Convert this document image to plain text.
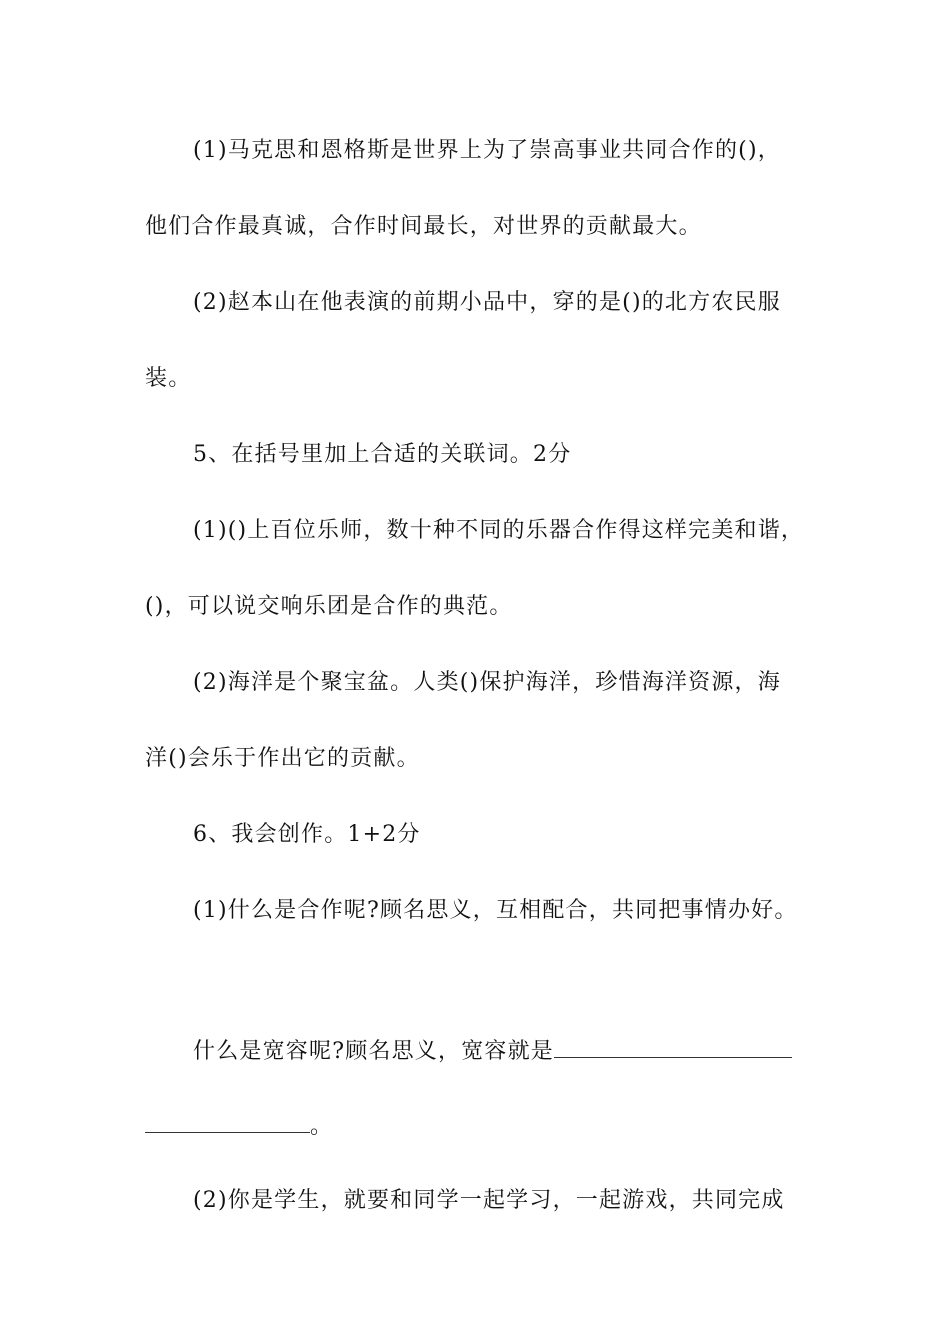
(1)马克思和恩格斯是世界上为了崇高事业共同合作的()，
他们合作最真诚，合作时间最长，对世界的贡献最大。
(2)赵本山在他表演的前期小品中，穿的是()的北方农民服
装。
5、在括号里加上合适的关联词。2分
(1)()上百位乐师，数十种不同的乐器合作得这样完美和谐，
()，可以说交响乐团是合作的典范。
(2)海洋是个聚宝盆。人类()保护海洋，珍惜海洋资源，海
洋()会乐于作出它的贡献。
6、我会创作。1+2分
(1)什么是合作呢?顾名思义，互相配合，共同把事情办好。
什么是宽容呢?顾名思义，宽容就是
。
(2)你是学生，就要和同学一起学习，一起游戏，共同完成
